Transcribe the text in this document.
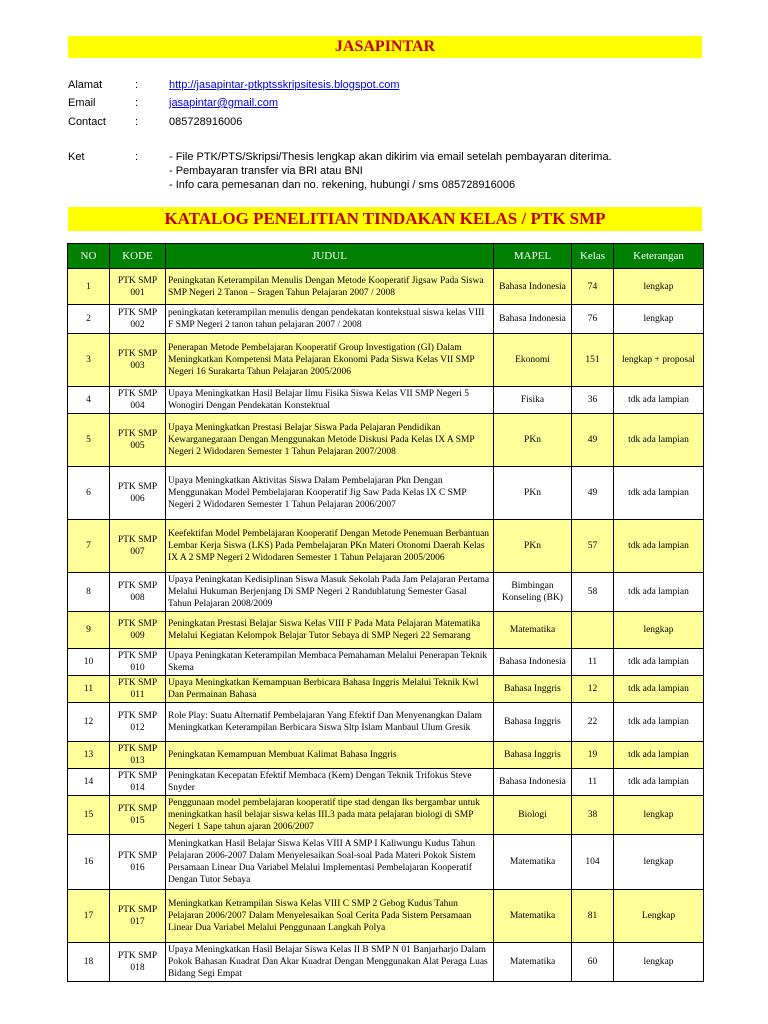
JASAPINTAR
Alamat	:	http://jasapintar-ptkptsskripsitesis.blogspot.com
Email	:	jasapintar@gmail.com
Contact	:	085728916006
Ket	:	- File PTK/PTS/Skripsi/Thesis lengkap akan dikirim via email setelah pembayaran diterima.
- Pembayaran transfer via BRI atau BNI
- Info cara pemesanan dan no. rekening, hubungi / sms 085728916006
KATALOG PENELITIAN TINDAKAN KELAS / PTK SMP
NO	KODE	JUDUL	MAPEL	Kelas	Keterangan
1	PTK SMP 001	Peningkatan Keterampilan Menulis Dengan Metode Kooperatif Jigsaw Pada Siswa SMP Negeri 2 Tanon – Sragen Tahun Pelajaran 2007 / 2008	Bahasa Indonesia	74	lengkap
2	PTK SMP 002	peningkatan keterampilan menulis dengan pendekatan kontekstual siswa kelas VIII F SMP Negeri 2 tanon tahun pelajaran 2007 / 2008	Bahasa Indonesia	76	lengkap
3	PTK SMP 003	Penerapan Metode Pembelajaran Kooperatif Group Investigation (GI) Dalam Meningkatkan Kompetensi Mata Pelajaran Ekonomi Pada Siswa Kelas VII SMP Negeri 16 Surakarta Tahun Pelajaran 2005/2006	Ekonomi	151	lengkap + proposal
4	PTK SMP 004	Upaya Meningkatkan Hasil Belajar Ilmu Fisika Siswa Kelas VII SMP Negeri 5 Wonogiri Dengan Pendekatan Konstektual	Fisika	36	tdk ada lampian
5	PTK SMP 005	Upaya Meningkatkan Prestasi Belajar Siswa Pada Pelajaran Pendidikan Kewarganegaraan Dengan Menggunakan Metode Diskusi Pada Kelas IX A SMP Negeri 2 Widodaren Semester 1 Tahun Pelajaran 2007/2008	PKn	49	tdk ada lampian
6	PTK SMP 006	Upaya Meningkatkan Aktivitas Siswa Dalam Pembelajaran Pkn Dengan Menggunakan Model Pembelajaran Kooperatif Jig Saw Pada Kelas IX C SMP Negeri 2 Widodaren Semester 1 Tahun Pelajaran 2006/2007	PKn	49	tdk ada lampian
7	PTK SMP 007	Keefektifan Model Pembelajaran Kooperatif Dengan Metode Penemuan Berbantuan Lembar Kerja Siswa (LKS) Pada Pembelajaran PKn Materi Otonomi Daerah Kelas IX A 2 SMP Negeri 2 Widodaren Semester 1 Tahun Pelajaran 2005/2006	PKn	57	tdk ada lampian
8	PTK SMP 008	Upaya Peningkatan Kedisiplinan Siswa Masuk Sekolah Pada Jam Pelajaran Pertama Melalui Hukuman Berjenjang Di SMP Negeri 2 Randublatung Semester Gasal Tahun Pelajaran 2008/2009	Bimbingan Konseling (BK)	58	tdk ada lampian
9	PTK SMP 009	Peningkatan Prestasi Belajar Siswa Kelas VIII F Pada Mata Pelajaran Matematika Melalui Kegiatan Kelompok Belajar Tutor Sebaya di SMP Negeri 22 Semarang	Matematika		lengkap
10	PTK SMP 010	Upaya Peningkatan Keterampilan Membaca Pemahaman Melalui Penerapan Teknik Skema	Bahasa Indonesia	11	tdk ada lampian
11	PTK SMP 011	Upaya Meningkatkan Kemampuan Berbicara Bahasa Inggris Melalui Teknik Kwl Dan Permainan Bahasa	Bahasa Inggris	12	tdk ada lampian
12	PTK SMP 012	Role Play: Suatu Alternatif Pembelajaran Yang Efektif Dan Menyenangkan Dalam Meningkatkan Keterampilan Berbicara Siswa Sltp Islam Manbaul Ulum Gresik	Bahasa Inggris	22	tdk ada lampian
13	PTK SMP 013	Peningkatan Kemampuan Membuat Kalimat Bahasa Inggris	Bahasa Inggris	19	tdk ada lampian
14	PTK SMP 014	Peningkatan Kecepatan Efektif Membaca (Kem) Dengan Teknik Trifokus Steve Snyder	Bahasa Indonesia	11	tdk ada lampian
15	PTK SMP 015	Penggunaan model pembelajaran kooperatif tipe stad dengan lks bergambar untuk meningkatkan hasil belajar siswa kelas III.3 pada mata pelajaran biologi di SMP Negeri 1 Sape tahun ajaran 2006/2007	Biologi	38	lengkap
16	PTK SMP 016	Meningkatkan Hasil Belajar Siswa Kelas VIII A SMP I Kaliwungu Kudus Tahun Pelajaran 2006-2007 Dalam Menyelesaikan Soal-soal Pada Materi Pokok Sistem Persamaan Linear Dua Variabel Melalui Implementasi Pembelajaran Kooperatif Dengan Tutor Sebaya	Matematika	104	lengkap
17	PTK SMP 017	Meningkatkan Ketrampilan Siswa Kelas VIII C SMP 2 Gebog Kudus Tahun Pelajaran 2006/2007 Dalam Menyelesaikan Soal Cerita Pada Sistem Persamaan Linear Dua Variabel Melalui Penggunaan Langkah Polya	Matematika	81	Lengkap
18	PTK SMP 018	Upaya Meningkatkan Hasil Belajar Siswa Kelas II B SMP N 01 Banjarharjo Dalam Pokok Bahasan Kuadrat Dan Akar Kuadrat Dengan Menggunakan Alat Peraga Luas Bidang Segi Empat	Matematika	60	lengkap
